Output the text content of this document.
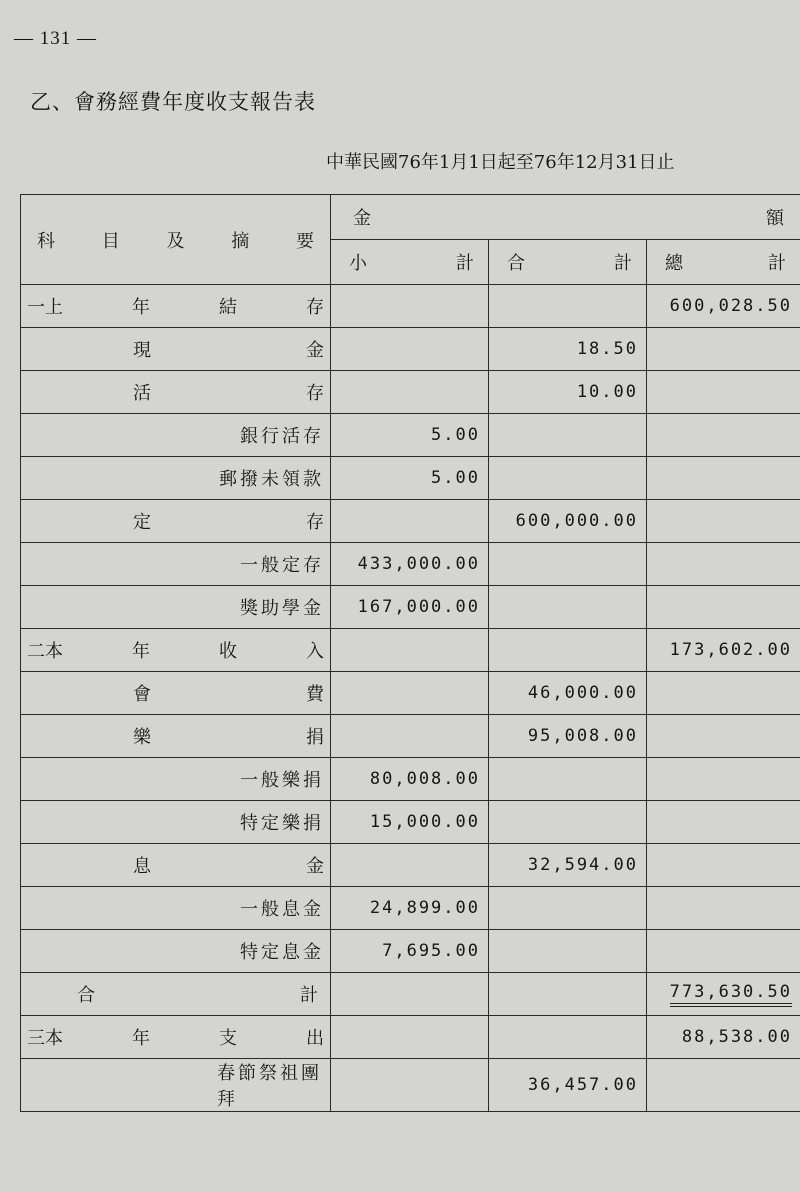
— 131 —
乙、會務經費年度收支報告表
中華民國76年1月1日起至76年12月31日止
科 目 及 摘 要	金 額		

	小 計	合 計	總 計

一上 年 結 存			600,028.50

現 金		18.50	

活 存		10.00	

銀行活存	5.00		

郵撥未領款	5.00		

定 存		600,000.00	

一般定存	433,000.00		

獎助學金	167,000.00		

二本 年 收 入			173,602.00

會 費		46,000.00	

樂 捐		95,008.00	

一般樂捐	80,008.00		

特定樂捐	15,000.00		

息 金		32,594.00	

一般息金	24,899.00		

特定息金	7,695.00		

合 計			773,630.50

三本 年 支 出			88,538.00

春節祭祖團拜		36,457.00	
